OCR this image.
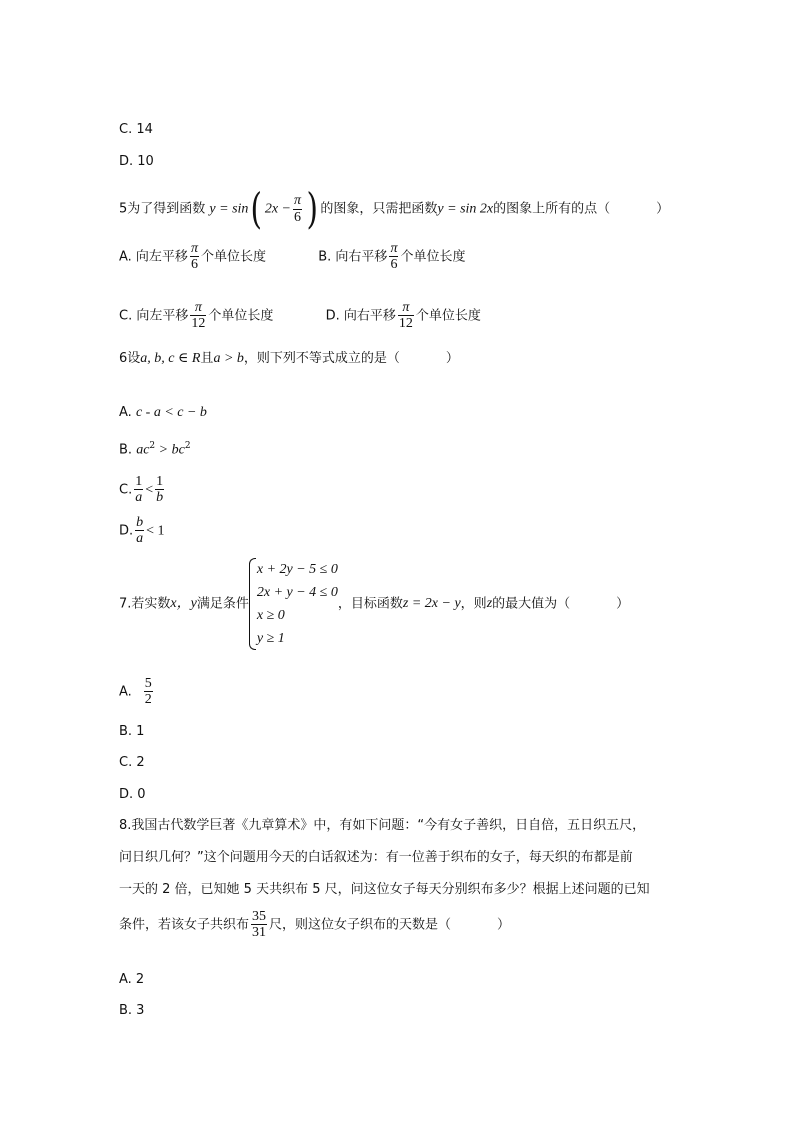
C. 14
D. 10
5为了得到函数 y = sin( $2x - \frac{\pi}{6}$ ) 的图象，只需把函数y = sin 2x的图象上所有的点（	）
A. 向左平移 $\frac{\pi}{6}$ 个单位长度	B. 向右平移 $\frac{\pi}{6}$ 个单位长度
C. 向左平移 $\frac{\pi}{12}$ 个单位长度	D. 向右平移 $\frac{\pi}{12}$ 个单位长度
6设a, b, c ∈ R且a > b，则下列不等式成立的是（	）
A. c - a < c − b
B. $ac^2 > bc^2$
C. $\frac{1}{a} < \frac{1}{b}$
D. $\frac{b}{a} < 1$
7.若实数x，y满足条件
x + 2y − 5 ≤ 0
2x + y − 4 ≤ 0
x ≥ 0
y ≥ 1
，目标函数z = 2x − y，则z的最大值为（	）
A. $\frac{5}{2}$
B. 1
C. 2
D. 0
8.我国古代数学巨著《九章算术》中，有如下问题：“今有女子善织，日自倍，五日织五尺，
问日织几何？”这个问题用今天的白话叙述为：有一位善于织布的女子，每天织的布都是前
一天的 2 倍，已知她 5 天共织布 5 尺，问这位女子每天分别织布多少？根据上述问题的已知
条件，若该女子共织布 $\frac{35}{31}$ 尺，则这位女子织布的天数是（	）
A. 2
B. 3
